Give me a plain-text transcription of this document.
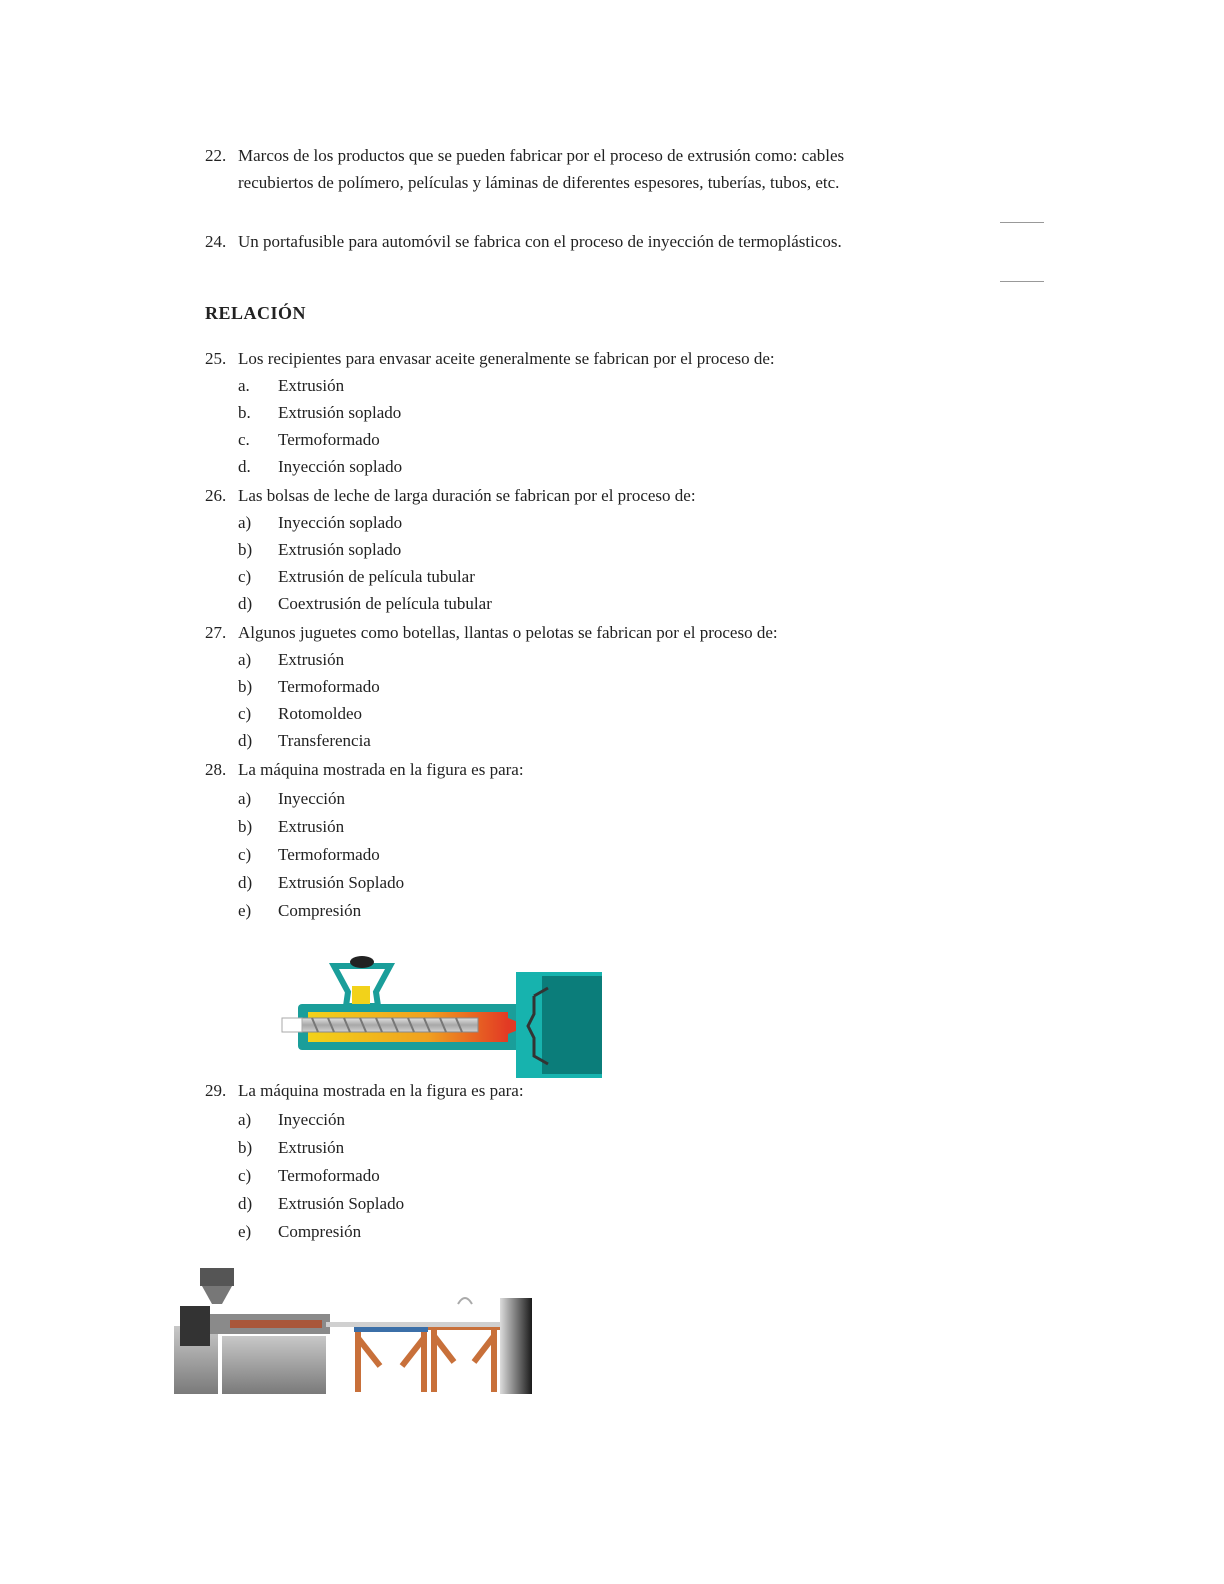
22. Marcos de los productos que se pueden fabricar por el proceso de extrusión como: cables
recubiertos de polímero, películas y láminas de diferentes espesores, tuberías, tubos, etc.
24. Un portafusible para automóvil se fabrica con el proceso de inyección de termoplásticos.
RELACIÓN
25. Los recipientes para envasar aceite generalmente se fabrican por el proceso de:
a. Extrusión
b. Extrusión soplado
c. Termoformado
d. Inyección soplado
26. Las bolsas de leche de larga duración se fabrican por el proceso de:
a) Inyección soplado
b) Extrusión soplado
c) Extrusión de película tubular
d) Coextrusión de película tubular
27. Algunos juguetes como botellas, llantas o pelotas se fabrican por el proceso de:
a) Extrusión
b) Termoformado
c) Rotomoldeo
d) Transferencia
28. La máquina mostrada en la figura es para:
a) Inyección
b) Extrusión
c) Termoformado
d) Extrusión Soplado
e) Compresión
29. La máquina mostrada en la figura es para:
a) Inyección
b) Extrusión
c) Termoformado
d) Extrusión Soplado
e) Compresión
